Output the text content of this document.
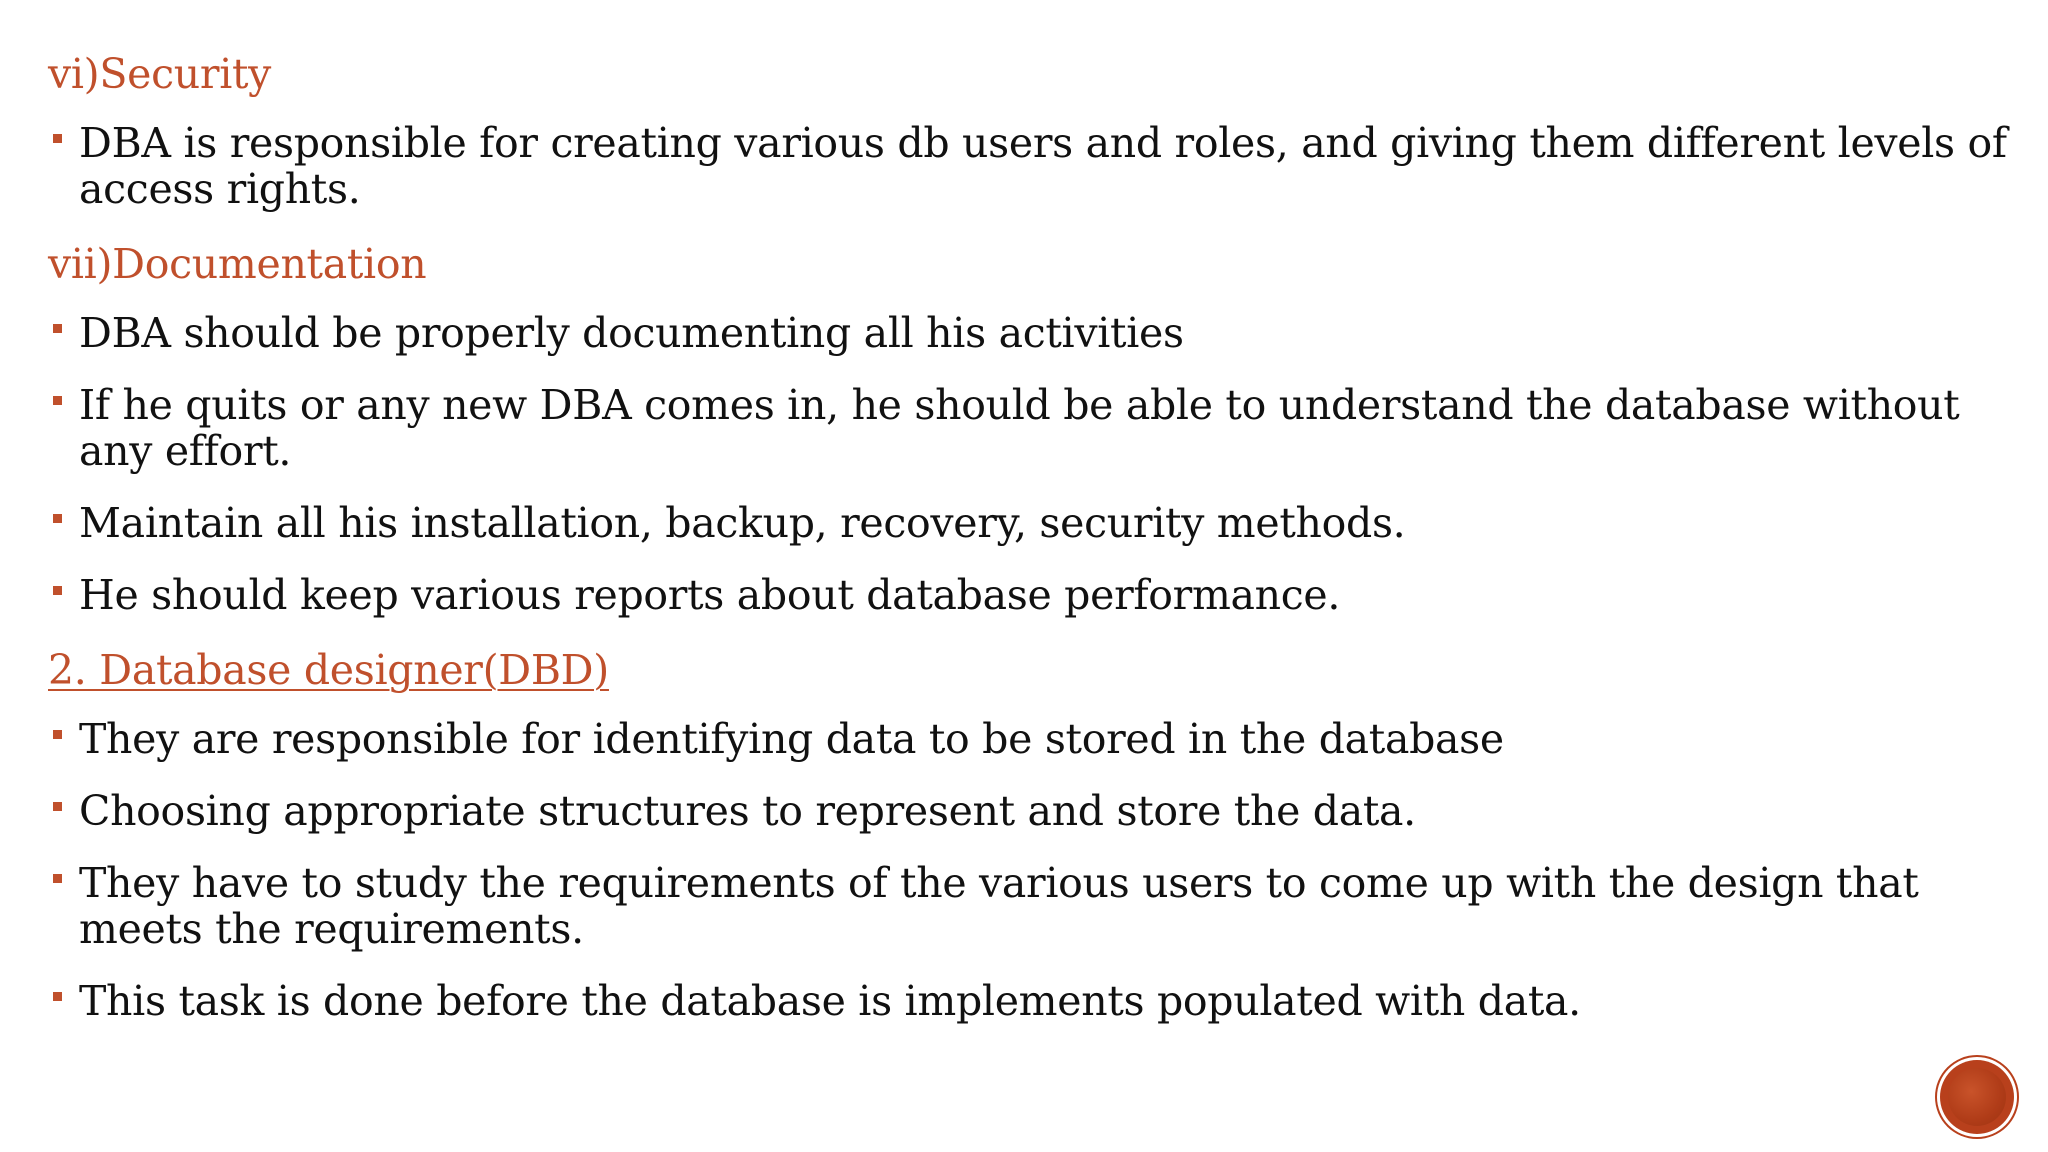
vi)Security
DBA is responsible for creating various db users and roles, and giving them different levels of access rights.
vii)Documentation
DBA should be properly documenting all his activities
If he quits or any new DBA comes in, he should be able to understand the database without any effort.
Maintain all his installation, backup, recovery, security methods.
He should keep various reports about database performance.
2. Database designer(DBD)
They are responsible for identifying data to be stored in the database
Choosing appropriate structures to represent and store the data.
They have to study the requirements of the various users to come up with the design that meets the requirements.
This task is done before the database is implements populated with data.
